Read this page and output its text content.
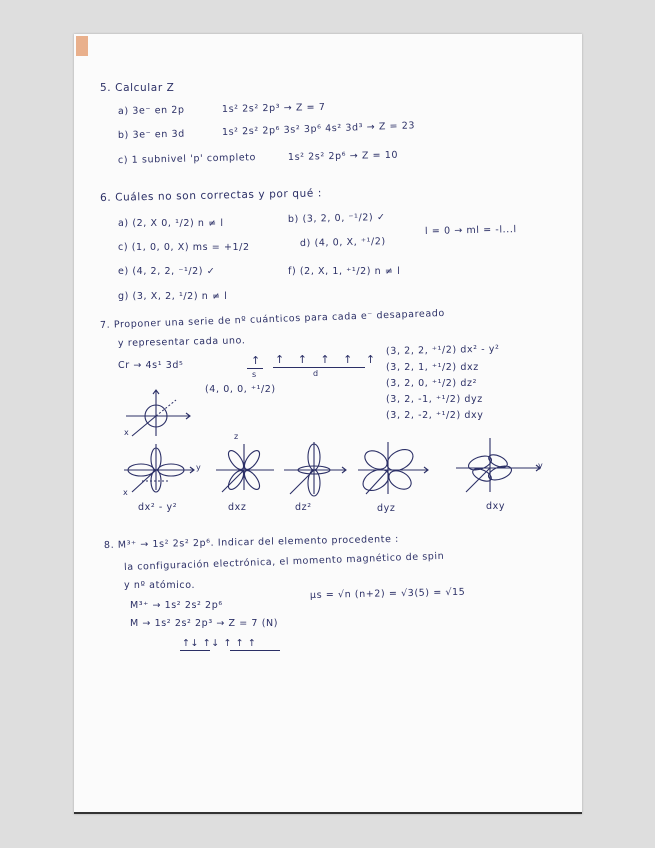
5. Calcular Z
a) 3e⁻ en 2p	1s² 2s² 2p³ → Z = 7
b) 3e⁻ en 3d	1s² 2s² 2p⁶ 3s² 3p⁶ 4s² 3d³ → Z = 23
c) 1 subnivel 'p' completo	1s² 2s² 2p⁶ → Z = 10
6. Cuáles no son correctas y por qué :
a) (2, X 0, ¹/2) n ≠ l	b) (3, 2, 0, ⁻¹/2) ✓
c) (1, 0, 0, X) ms = +1/2	d) (4, 0, X, ⁺¹/2)
l = 0 → ml = -l...l
e) (4, 2, 2, ⁻¹/2) ✓	f) (2, X, 1, ⁺¹/2) n ≠ l
g) (3, X, 2, ¹/2) n ≠ l
7. Proponer una serie de nº cuánticos para cada e⁻ desapareado
y representar cada uno.
Cr → 4s¹ 3d⁵	↑
s
↑ ↑ ↑ ↑ ↑
d
(4, 0, 0, ⁺¹/2)
(3, 2, 2, ⁺¹/2) dx² - y²
(3, 2, 1, ⁺¹/2) dxz
(3, 2, 0, ⁺¹/2) dz²
(3, 2, -1, ⁺¹/2) dyz
(3, 2, -2, ⁺¹/2) dxy
x
y	y
z
x
dx² - y²	dxz	dz²	dyz	dxy
8. M³⁺ → 1s² 2s² 2p⁶. Indicar del elemento procedente :
la configuración electrónica, el momento magnético de spin
y nº atómico.
M³⁺ → 1s² 2s² 2p⁶
μs = √n (n+2) = √3(5) = √15
M → 1s² 2s² 2p³ → Z = 7 (N)
↑↓ ↑↓ ↑ ↑ ↑
